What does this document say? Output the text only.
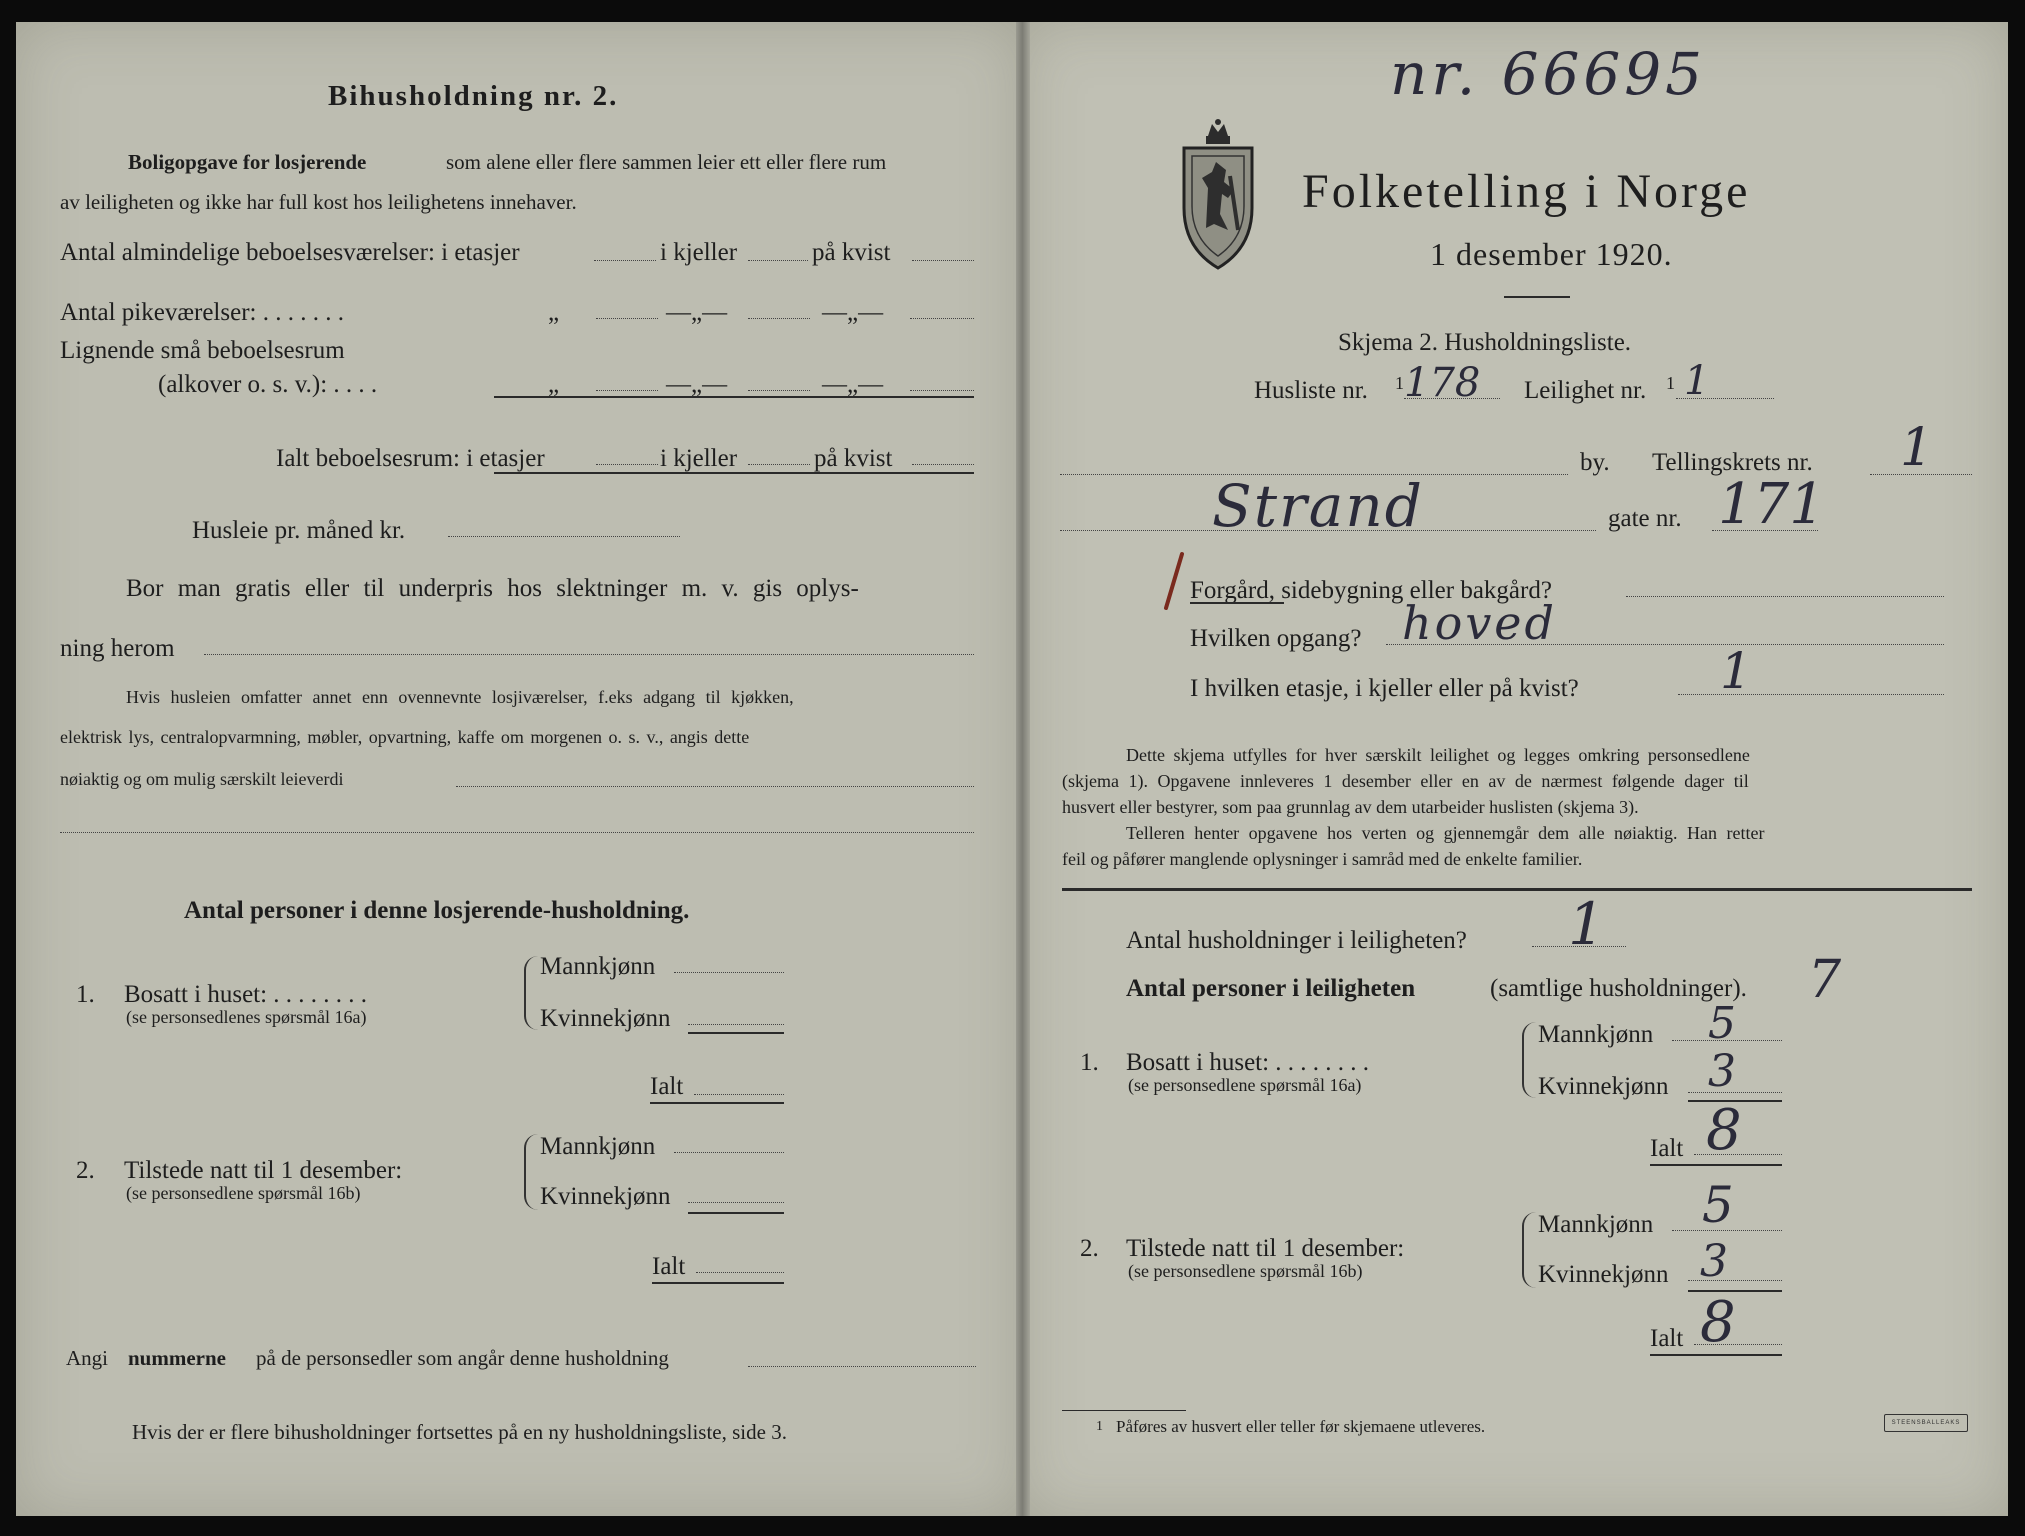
Bihusholdning nr. 2.
Boligopgave for losjerende	som alene eller flere sammen leier ett eller flere rum
av leiligheten og ikke har full kost hos leilighetens innehaver.
Antal almindelige beboelsesværelser: i etasjer	i kjeller	på kvist
Antal pikeværelser: . . . . . . .	„	—„—	—„—
Lignende små beboelsesrum
(alkover o. s. v.): . . . .	„	—„—	—„—
Ialt beboelsesrum: i etasjer	i kjeller	på kvist
Husleie pr. måned kr.
Bor man gratis eller til underpris hos slektninger m. v. gis oplys-
ning herom
Hvis husleien omfatter annet enn ovennevnte losjiværelser, f.eks adgang til kjøkken,
elektrisk lys, centralopvarmning, møbler, opvartning, kaffe om morgenen o. s. v., angis dette
nøiaktig og om mulig særskilt leieverdi
Antal personer i denne losjerende-husholdning.
1. Bosatt i huset: . . . . . . . .
(se personsedlenes spørsmål 16a)
Mannkjønn
Kvinnekjønn
Ialt
2. Tilstede natt til 1 desember:
(se personsedlene spørsmål 16b)
Mannkjønn
Kvinnekjønn
Ialt
Angi nummerne på de personsedler som angår denne husholdning
Hvis der er flere bihusholdninger fortsettes på en ny husholdningsliste, side 3.
nr. 66695
Folketelling i Norge
1 desember 1920.
Skjema 2. Husholdningsliste.
Husliste nr. 1 178 Leilighet nr. 1 1
by. Tellingskrets nr. 1
Strand	gate nr. 171
Forgård, sidebygning eller bakgård?
Hvilken opgang? hoved
I hvilken etasje, i kjeller eller på kvist?	1
Dette skjema utfylles for hver særskilt leilighet og legges omkring personsedlene
(skjema 1). Opgavene innleveres 1 desember eller en av de nærmest følgende dager til
husvert eller bestyrer, som paa grunnlag av dem utarbeider huslisten (skjema 3).
Telleren henter opgavene hos verten og gjennemgår dem alle nøiaktig. Han retter
feil og påfører manglende oplysninger i samråd med de enkelte familier.
Antal husholdninger i leiligheten? 1
Antal personer i leiligheten	(samtlige husholdninger). 7
1. Bosatt i huset: . . . . . . . .
(se personsedlene spørsmål 16a)
Mannkjønn 5
Kvinnekjønn 3
Ialt 8
2. Tilstede natt til 1 desember:
(se personsedlene spørsmål 16b)
Mannkjønn 5
Kvinnekjønn 3
Ialt 8
1 Påføres av husvert eller teller før skjemaene utleveres.	STEENSBALLEAKS
